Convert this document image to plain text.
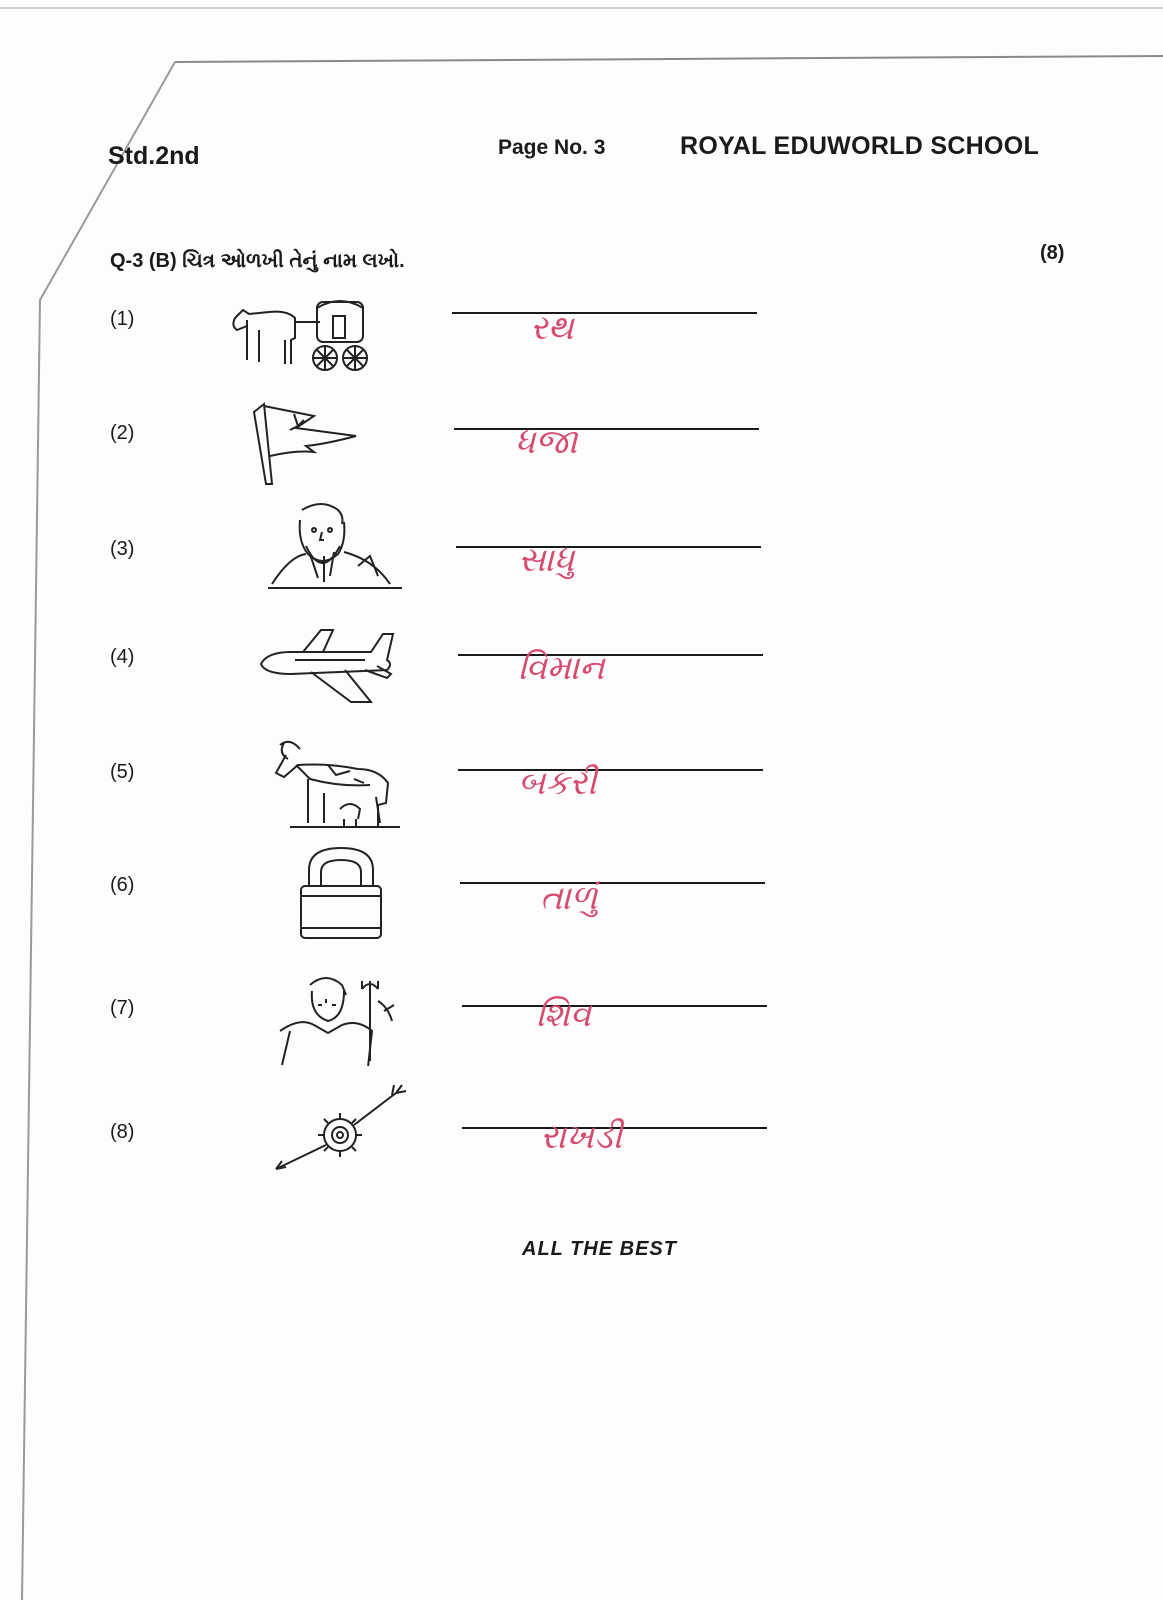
Std.2nd	Page No. 3	ROYAL EDUWORLD SCHOOL
Q-3 (B) ચિત્ર ઓળખી તેનું નામ લખો.	(8)
(1)	રથ
(2)	ધજા
(3)	સાધુ
(4)	વિમાન
(5)	બકરી
(6)	તાળું
(7)	શિવ
(8)	રાખડી
ALL THE BEST
